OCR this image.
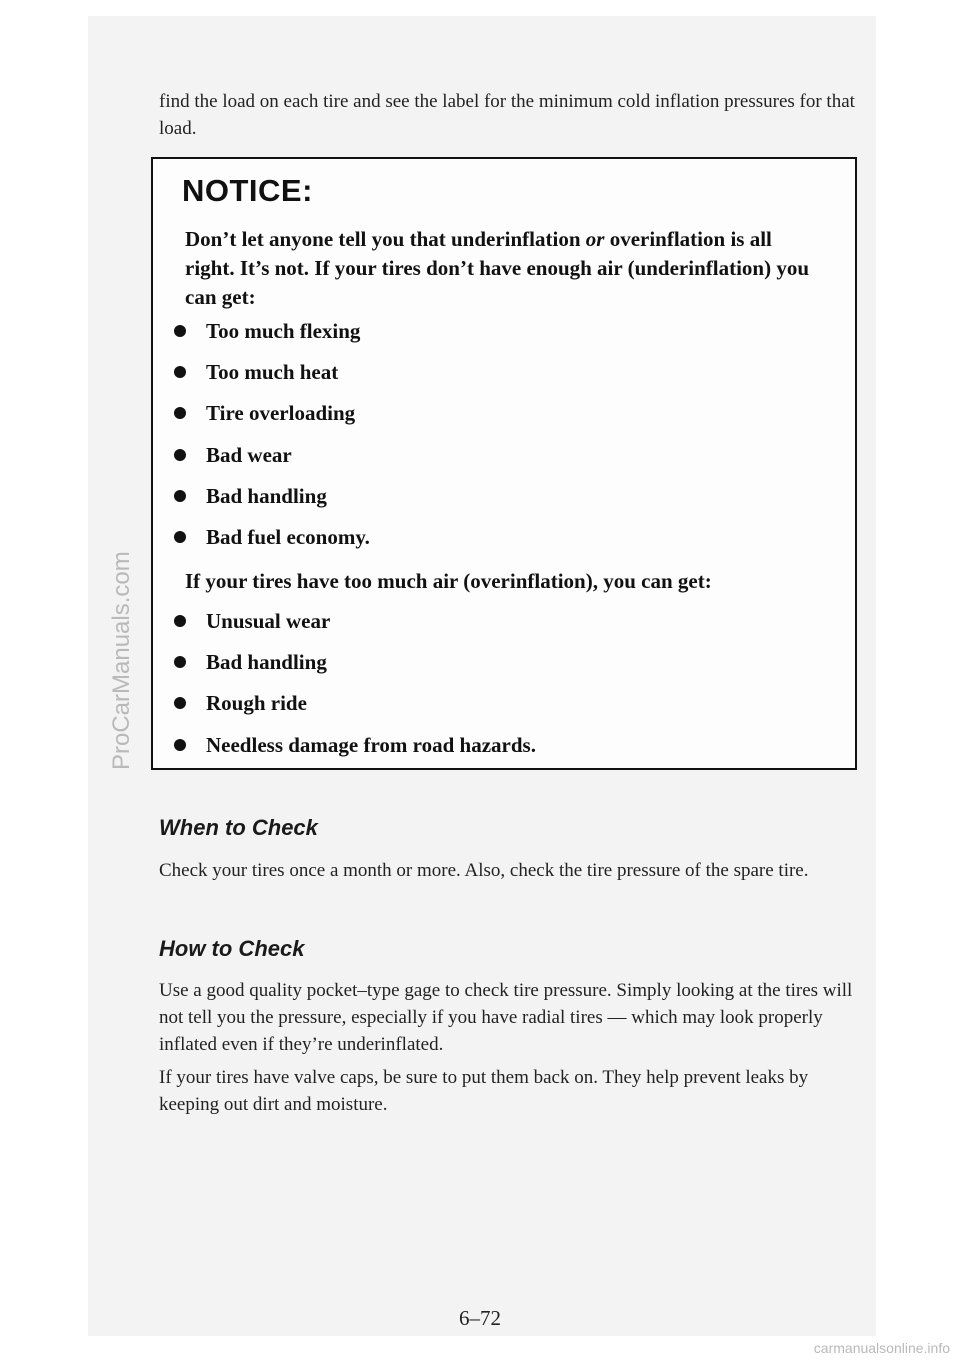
ProCarManuals.com

find the load on each tire and see the label for the minimum cold inflation pressures for that load.

NOTICE:

Don’t let anyone tell you that underinflation or overinflation is all right. It’s not. If your tires don’t have enough air (underinflation) you can get:

Too much flexing
Too much heat
Tire overloading
Bad wear
Bad handling
Bad fuel economy.

If your tires have too much air (overinflation), you can get:

Unusual wear
Bad handling
Rough ride
Needless damage from road hazards.
When to Check

Check your tires once a month or more. Also, check the tire pressure of the spare tire.

How to Check

Use a good quality pocket–type gage to check tire pressure. Simply looking at the tires will not tell you the pressure, especially if you have radial tires — which may look properly inflated even if they’re underinflated.

If your tires have valve caps, be sure to put them back on. They help prevent leaks by keeping out dirt and moisture.

6–72
carmanualsonline.info
